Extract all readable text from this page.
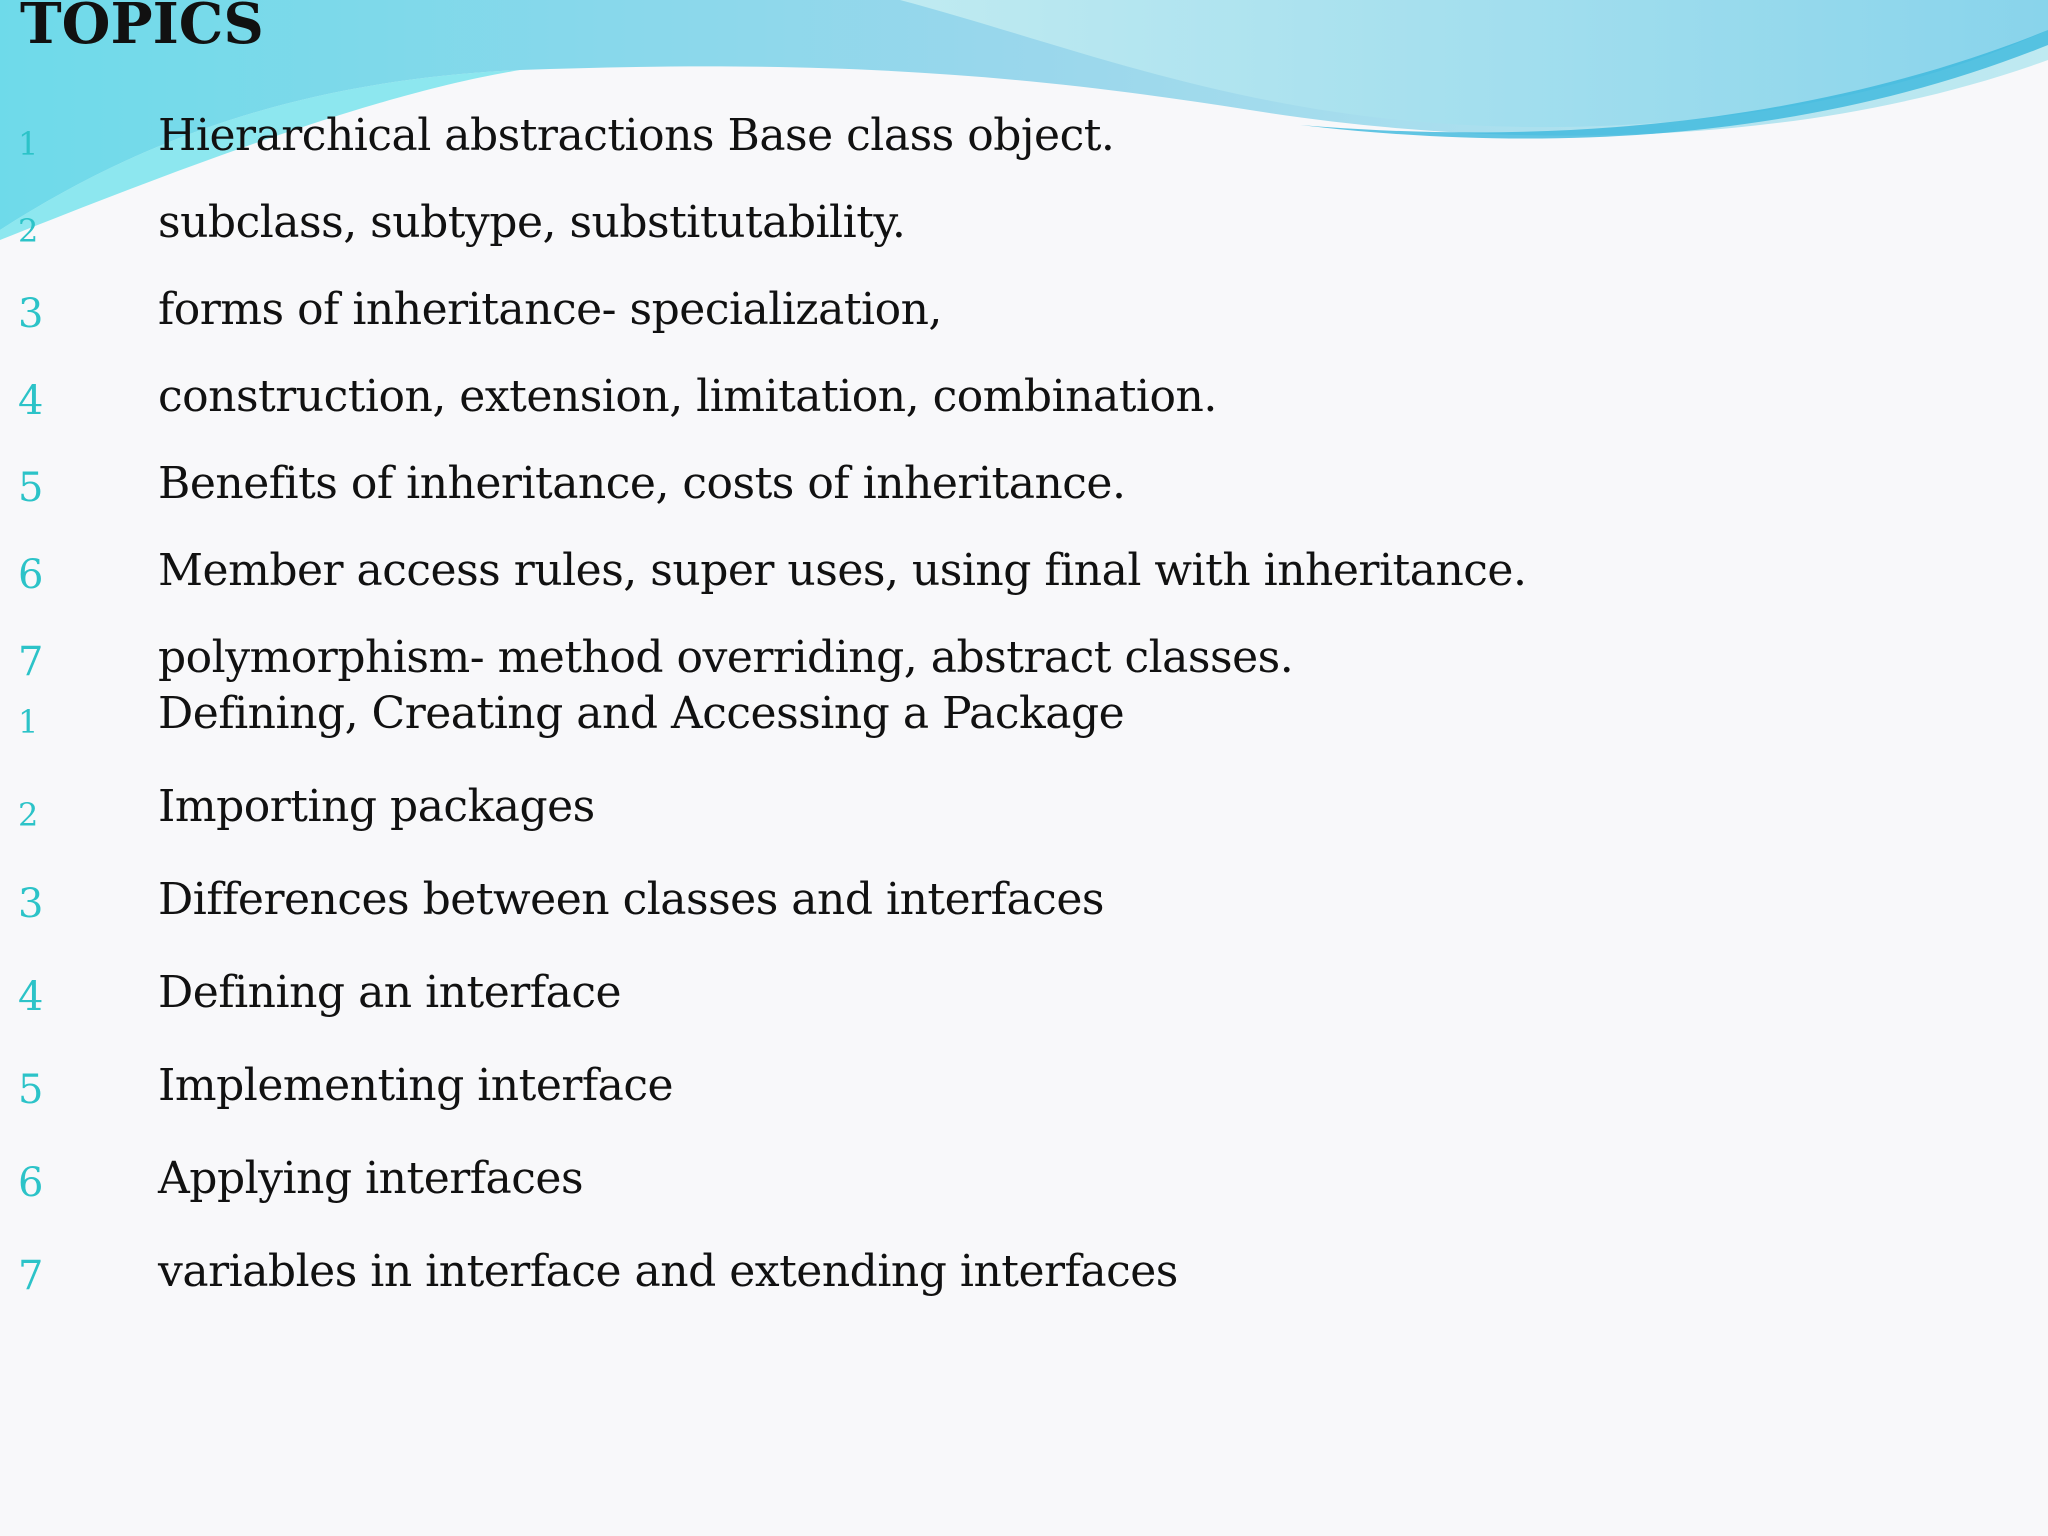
TOPICS
1	Hierarchical abstractions Base class object.
2	subclass, subtype, substitutability.
3	forms of inheritance- specialization,
4	construction, extension, limitation, combination.
5	Benefits of inheritance, costs of inheritance.
6	Member access rules, super uses, using final with inheritance.
7	polymorphism- method overriding, abstract classes.
1	Defining, Creating and Accessing a Package
2	Importing packages
3	Differences between classes and interfaces
4	Defining an interface
5	Implementing interface
6	Applying interfaces
7	variables in interface and extending interfaces
